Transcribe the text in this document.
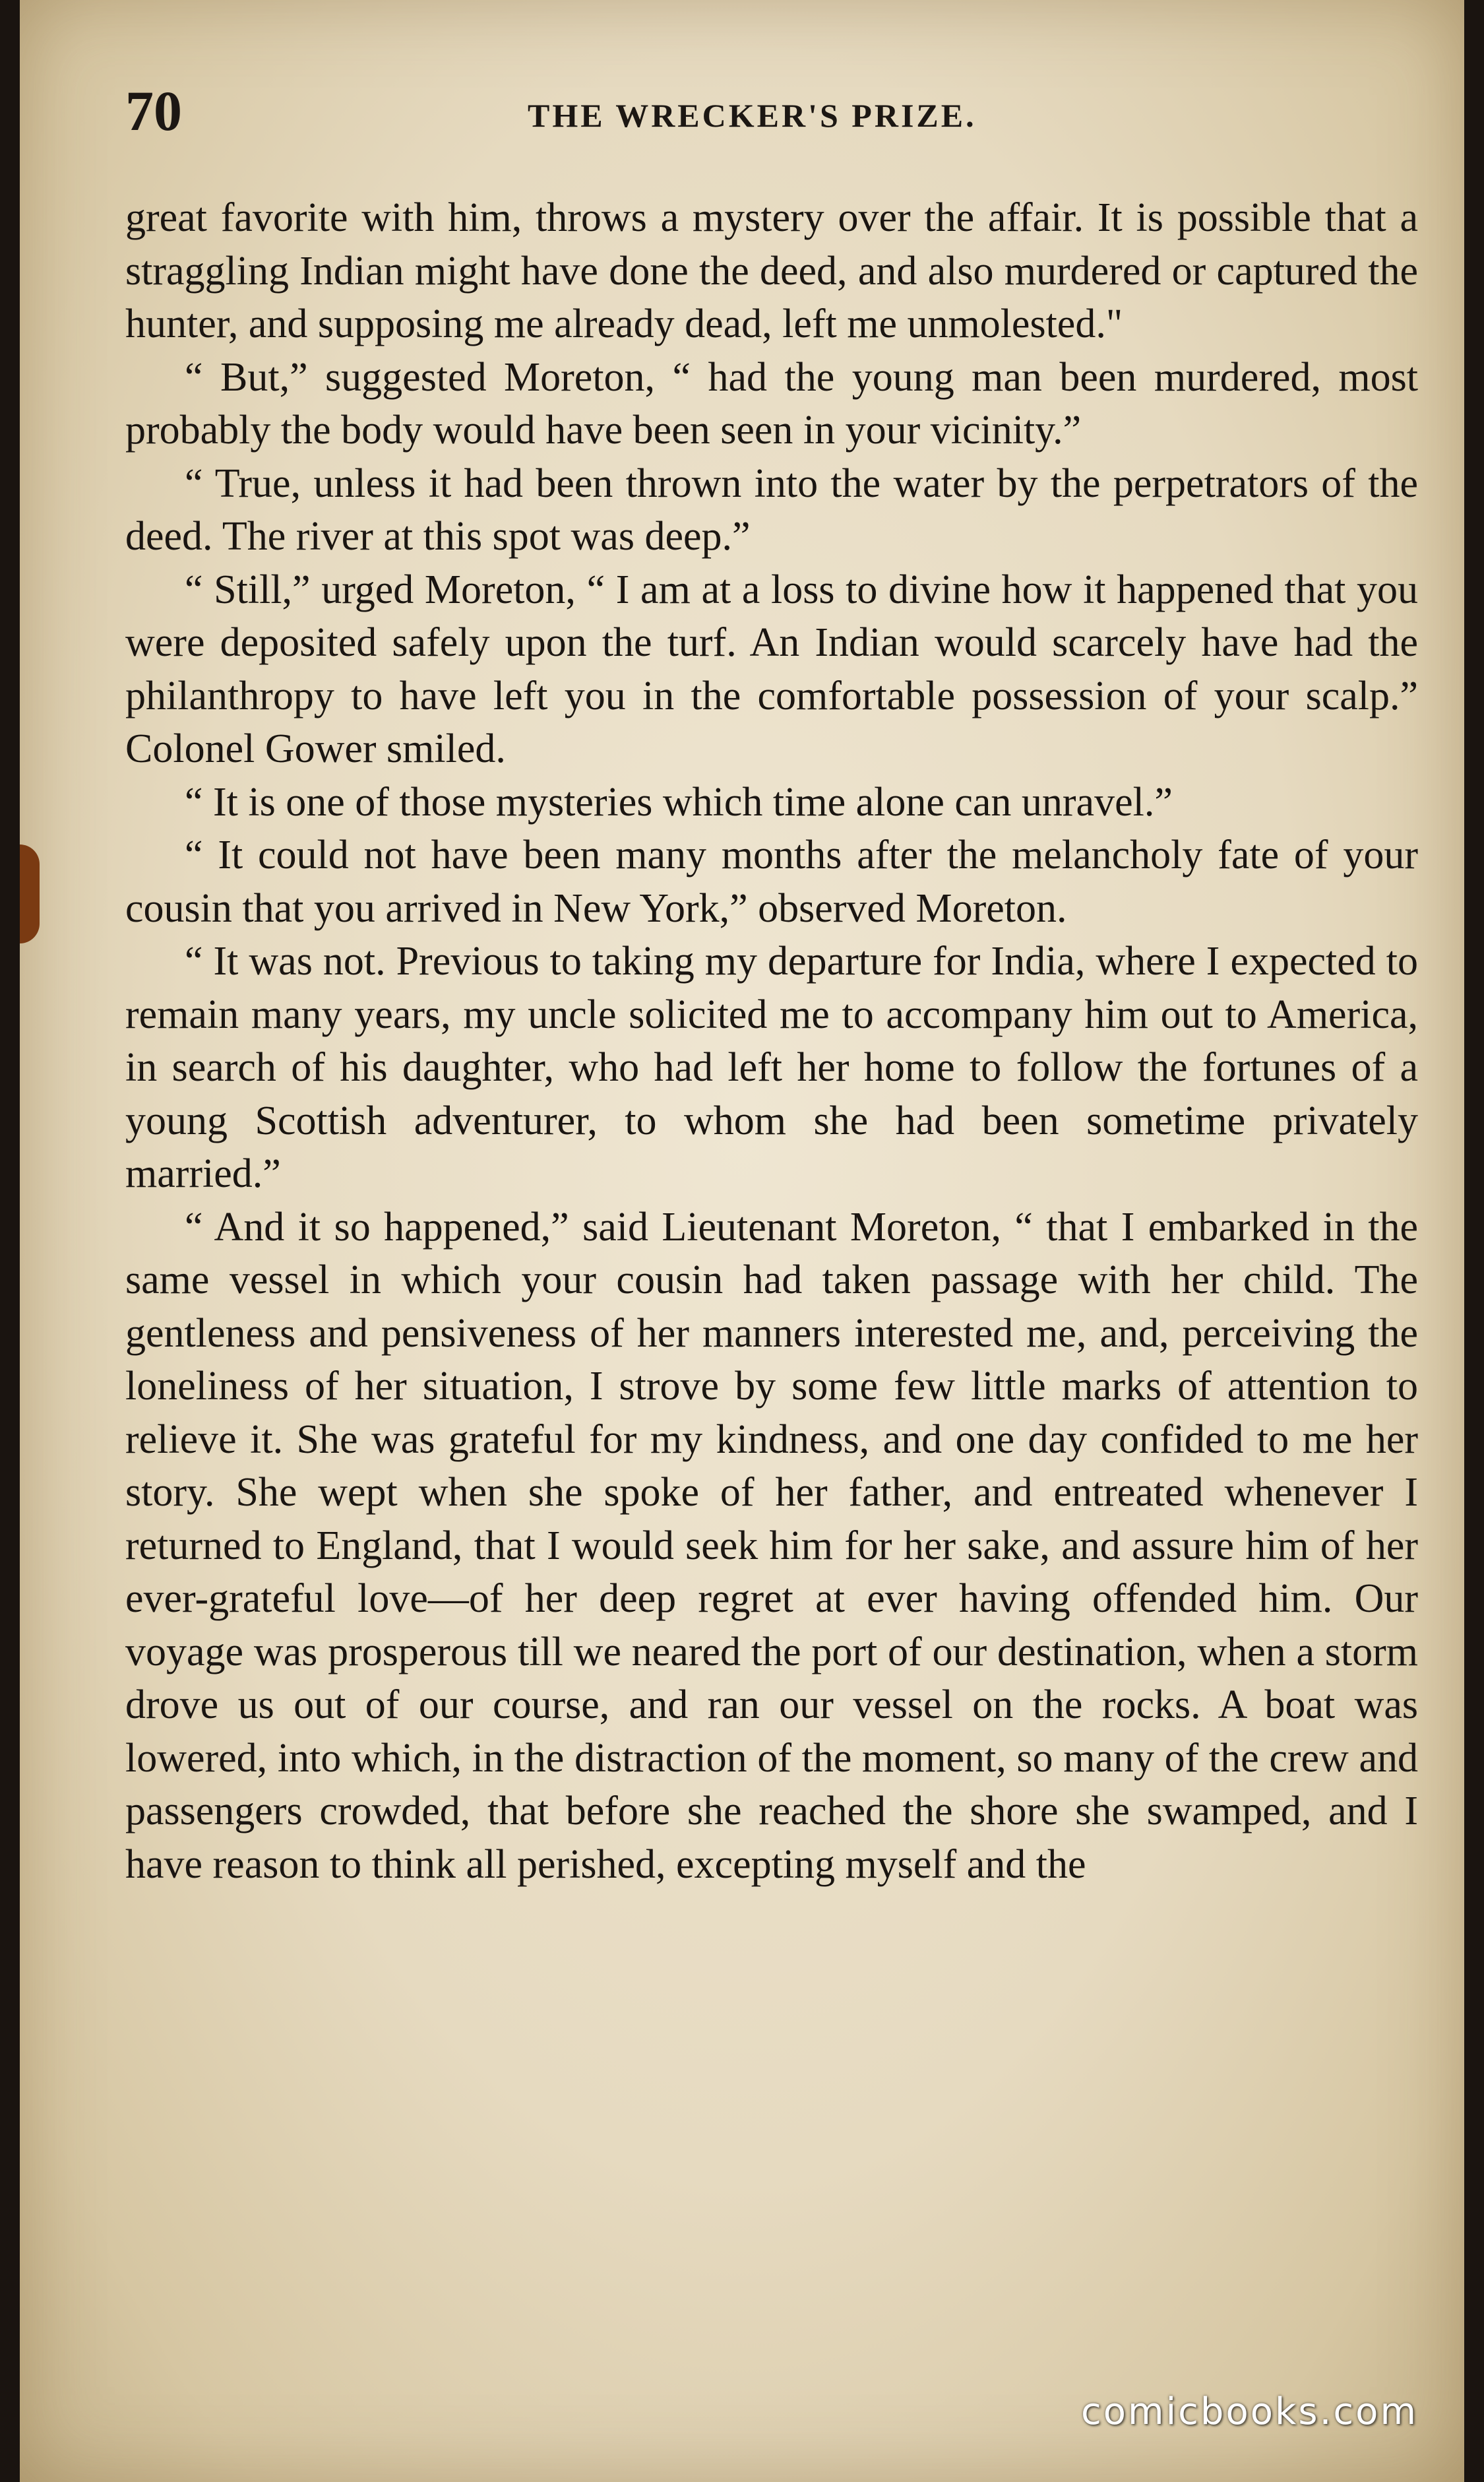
70	THE WRECKER'S PRIZE.

great favorite with him, throws a mystery over the affair. It is possible that a straggling Indian might have done the deed, and also murdered or captured the hunter, and supposing me already dead, left me unmolested."

“ But,” suggested Moreton, “ had the young man been murdered, most probably the body would have been seen in your vicinity.”

“ True, unless it had been thrown into the water by the perpetrators of the deed. The river at this spot was deep.”

“ Still,” urged Moreton, “ I am at a loss to divine how it happened that you were deposited safely upon the turf. An Indian would scarcely have had the philanthropy to have left you in the comfortable possession of your scalp.” Colonel Gower smiled.

“ It is one of those mysteries which time alone can unravel.”

“ It could not have been many months after the melancholy fate of your cousin that you arrived in New York,” observed Moreton.

“ It was not. Previous to taking my departure for India, where I expected to remain many years, my uncle solicited me to accompany him out to America, in search of his daughter, who had left her home to follow the fortunes of a young Scottish adventurer, to whom she had been sometime privately married.”

“ And it so happened,” said Lieutenant Moreton, “ that I embarked in the same vessel in which your cousin had taken passage with her child. The gentleness and pensiveness of her manners interested me, and, perceiving the loneliness of her situation, I strove by some few little marks of attention to relieve it. She was grateful for my kindness, and one day confided to me her story. She wept when she spoke of her father, and entreated whenever I returned to England, that I would seek him for her sake, and assure him of her ever-grateful love—of her deep regret at ever having offended him. Our voyage was prosperous till we neared the port of our destination, when a storm drove us out of our course, and ran our vessel on the rocks. A boat was lowered, into which, in the distraction of the moment, so many of the crew and passengers crowded, that before she reached the shore she swamped, and I have reason to think all perished, excepting myself and the

comicbooks.com
